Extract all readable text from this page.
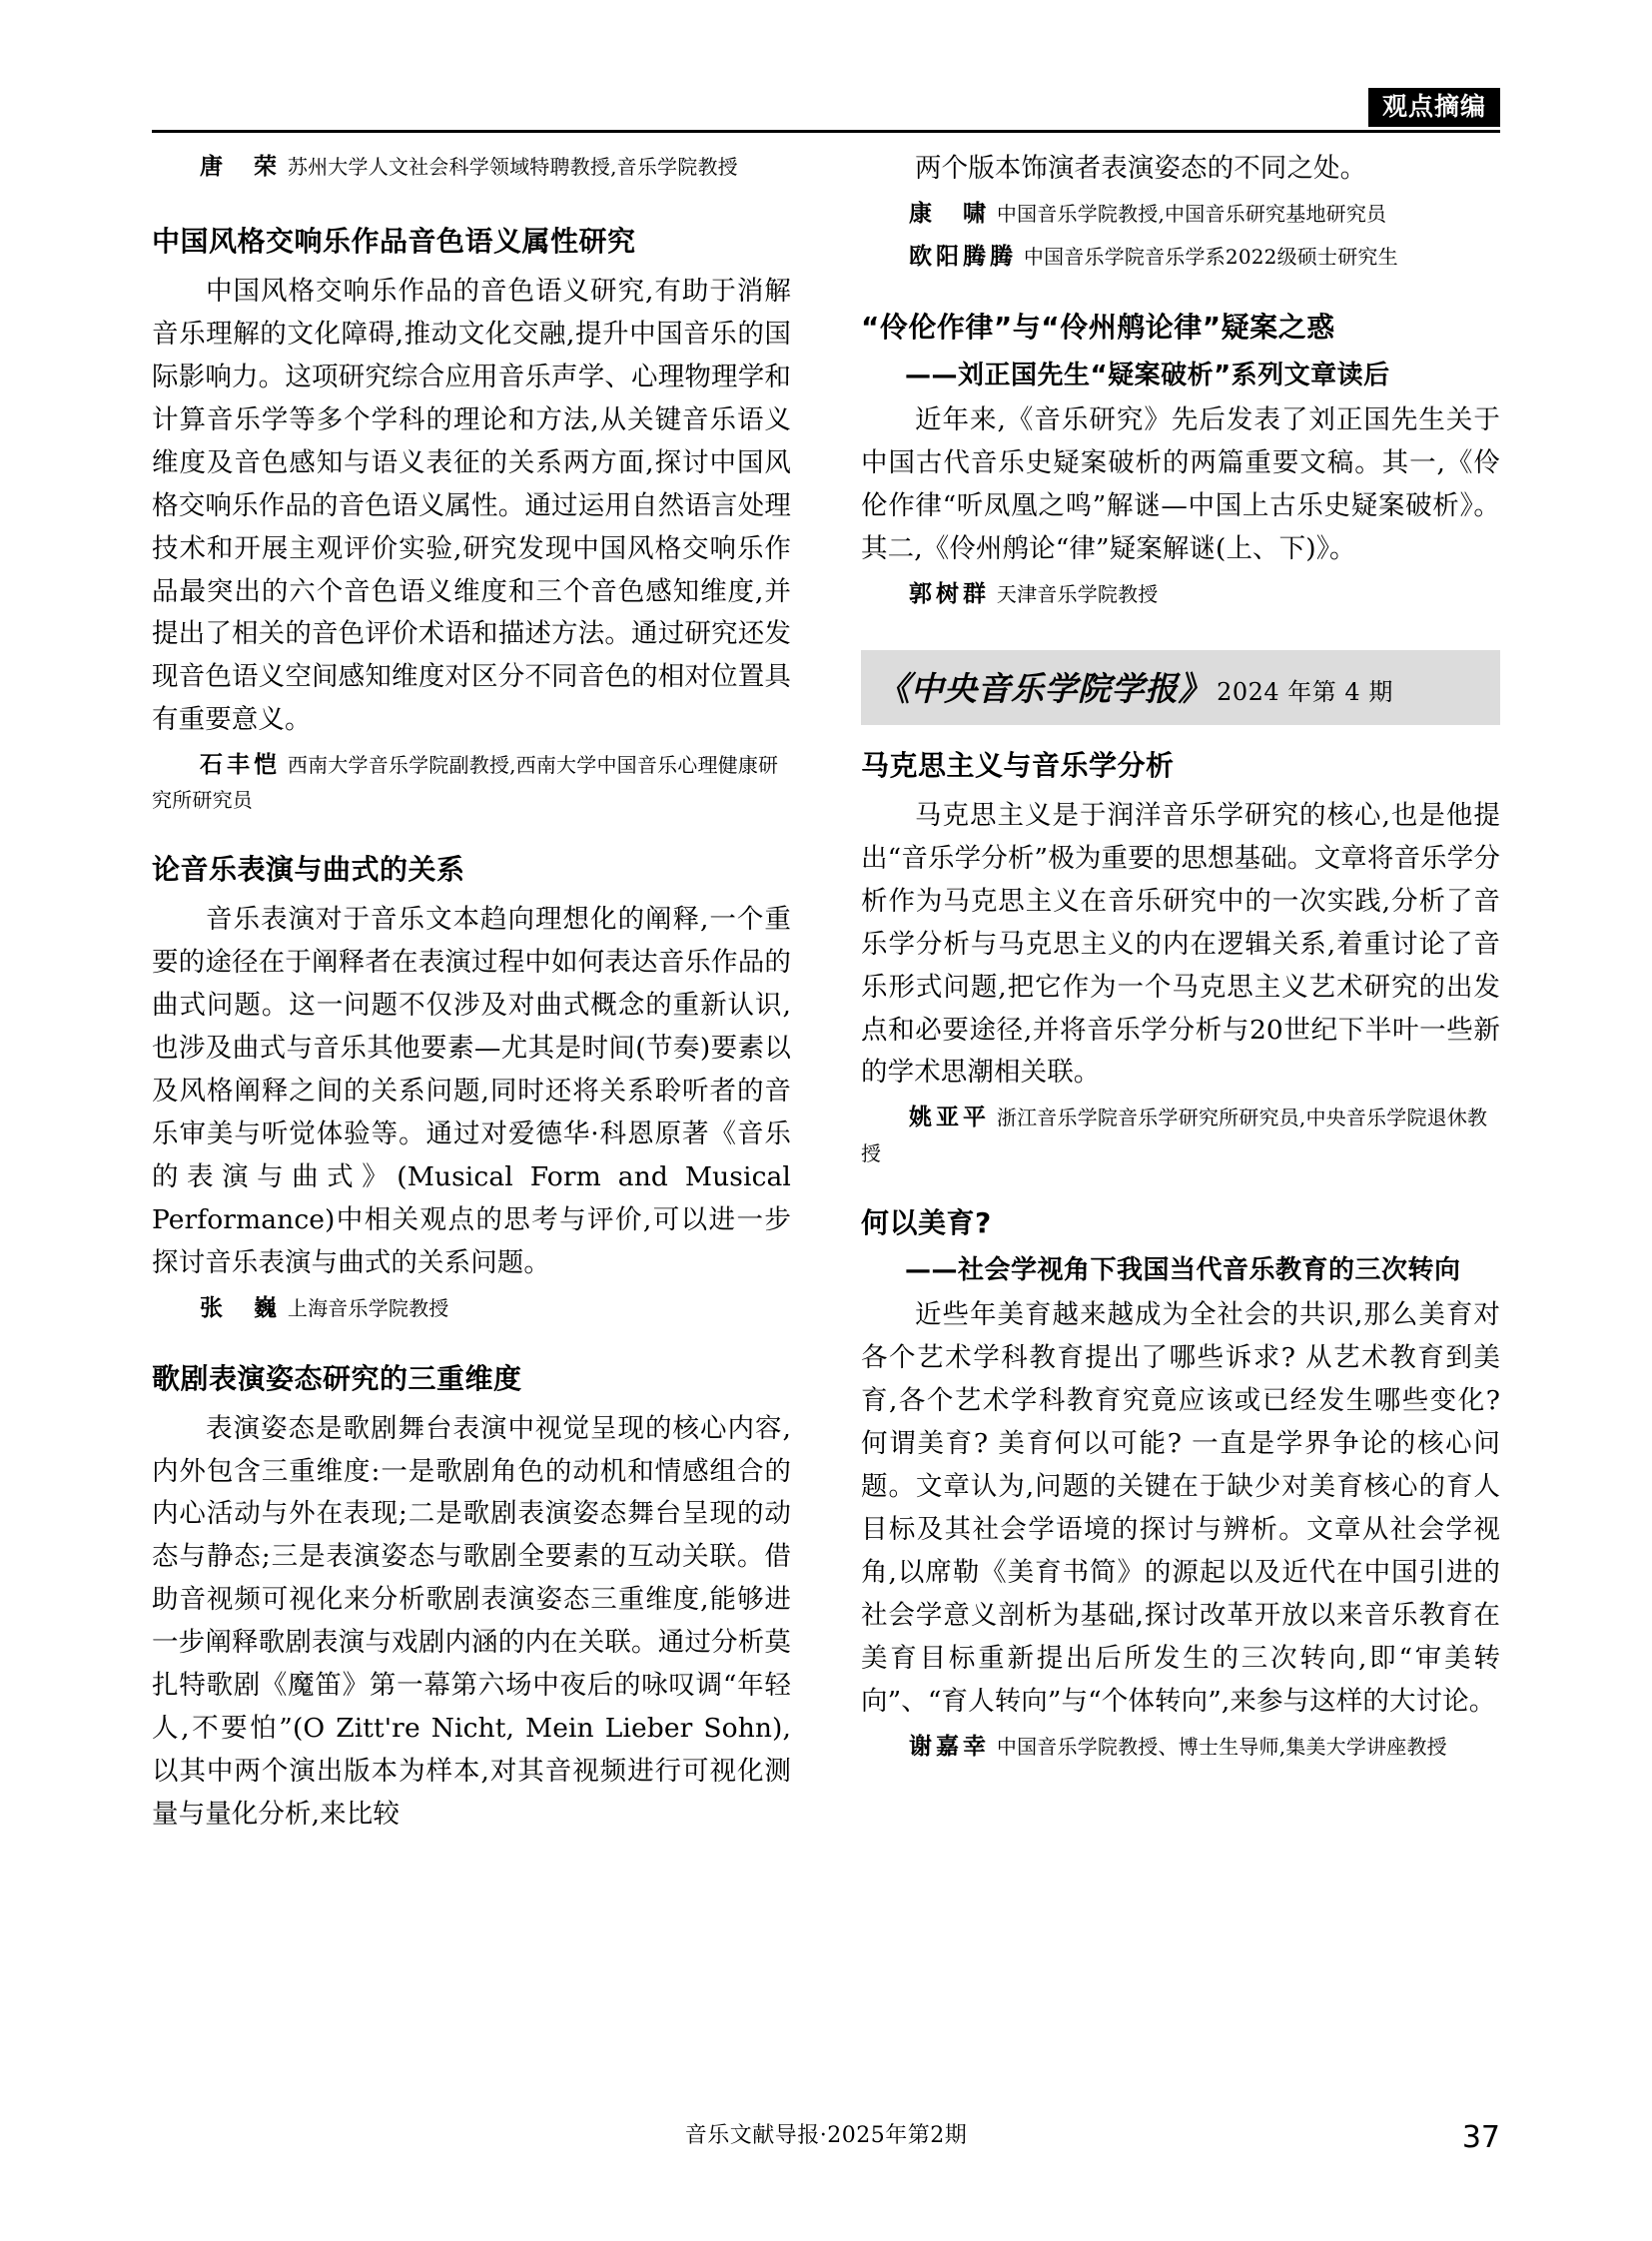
观点摘编

唐　荣 苏州大学人文社会科学领域特聘教授,音乐学院教授

中国风格交响乐作品音色语义属性研究

中国风格交响乐作品的音色语义研究,有助于消解音乐理解的文化障碍,推动文化交融,提升中国音乐的国际影响力。这项研究综合应用音乐声学、心理物理学和计算音乐学等多个学科的理论和方法,从关键音乐语义维度及音色感知与语义表征的关系两方面,探讨中国风格交响乐作品的音色语义属性。通过运用自然语言处理技术和开展主观评价实验,研究发现中国风格交响乐作品最突出的六个音色语义维度和三个音色感知维度,并提出了相关的音色评价术语和描述方法。通过研究还发现音色语义空间感知维度对区分不同音色的相对位置具有重要意义。

石丰恺 西南大学音乐学院副教授,西南大学中国音乐心理健康研究所研究员

论音乐表演与曲式的关系

音乐表演对于音乐文本趋向理想化的阐释,一个重要的途径在于阐释者在表演过程中如何表达音乐作品的曲式问题。这一问题不仅涉及对曲式概念的重新认识,也涉及曲式与音乐其他要素—尤其是时间(节奏)要素以及风格阐释之间的关系问题,同时还将关系聆听者的音乐审美与听觉体验等。通过对爱德华·科恩原著《音乐的表演与曲式》(Musical Form and Musical Performance)中相关观点的思考与评价,可以进一步探讨音乐表演与曲式的关系问题。

张　巍 上海音乐学院教授

歌剧表演姿态研究的三重维度

表演姿态是歌剧舞台表演中视觉呈现的核心内容,内外包含三重维度:一是歌剧角色的动机和情感组合的内心活动与外在表现;二是歌剧表演姿态舞台呈现的动态与静态;三是表演姿态与歌剧全要素的互动关联。借助音视频可视化来分析歌剧表演姿态三重维度,能够进一步阐释歌剧表演与戏剧内涵的内在关联。通过分析莫扎特歌剧《魔笛》第一幕第六场中夜后的咏叹调“年轻人,不要怕”(O Zitt're Nicht, Mein Lieber Sohn),以其中两个演出版本为样本,对其音视频进行可视化测量与量化分析,来比较

两个版本饰演者表演姿态的不同之处。

康　啸 中国音乐学院教授,中国音乐研究基地研究员

欧阳腾腾 中国音乐学院音乐学系2022级硕士研究生

“伶伦作律”与“伶州鸼论律”疑案之惑

——刘正国先生“疑案破析”系列文章读后

近年来,《音乐研究》先后发表了刘正国先生关于中国古代音乐史疑案破析的两篇重要文稿。其一,《伶伦作律“听凤凰之鸣”解谜—中国上古乐史疑案破析》。其二,《伶州鸼论“律”疑案解谜(上、下)》。

郭树群 天津音乐学院教授

《中央音乐学院学报》 2024 年第 4 期
马克思主义与音乐学分析

马克思主义是于润洋音乐学研究的核心,也是他提出“音乐学分析”极为重要的思想基础。文章将音乐学分析作为马克思主义在音乐研究中的一次实践,分析了音乐学分析与马克思主义的内在逻辑关系,着重讨论了音乐形式问题,把它作为一个马克思主义艺术研究的出发点和必要途径,并将音乐学分析与20世纪下半叶一些新的学术思潮相关联。

姚亚平 浙江音乐学院音乐学研究所研究员,中央音乐学院退休教授

何以美育?

——社会学视角下我国当代音乐教育的三次转向

近些年美育越来越成为全社会的共识,那么美育对各个艺术学科教育提出了哪些诉求? 从艺术教育到美育,各个艺术学科教育究竟应该或已经发生哪些变化? 何谓美育? 美育何以可能? 一直是学界争论的核心问题。文章认为,问题的关键在于缺少对美育核心的育人目标及其社会学语境的探讨与辨析。文章从社会学视角,以席勒《美育书简》的源起以及近代在中国引进的社会学意义剖析为基础,探讨改革开放以来音乐教育在美育目标重新提出后所发生的三次转向,即“审美转向”、“育人转向”与“个体转向”,来参与这样的大讨论。

谢嘉幸 中国音乐学院教授、博士生导师,集美大学讲座教授

音乐文献导报·2025年第2期	37
